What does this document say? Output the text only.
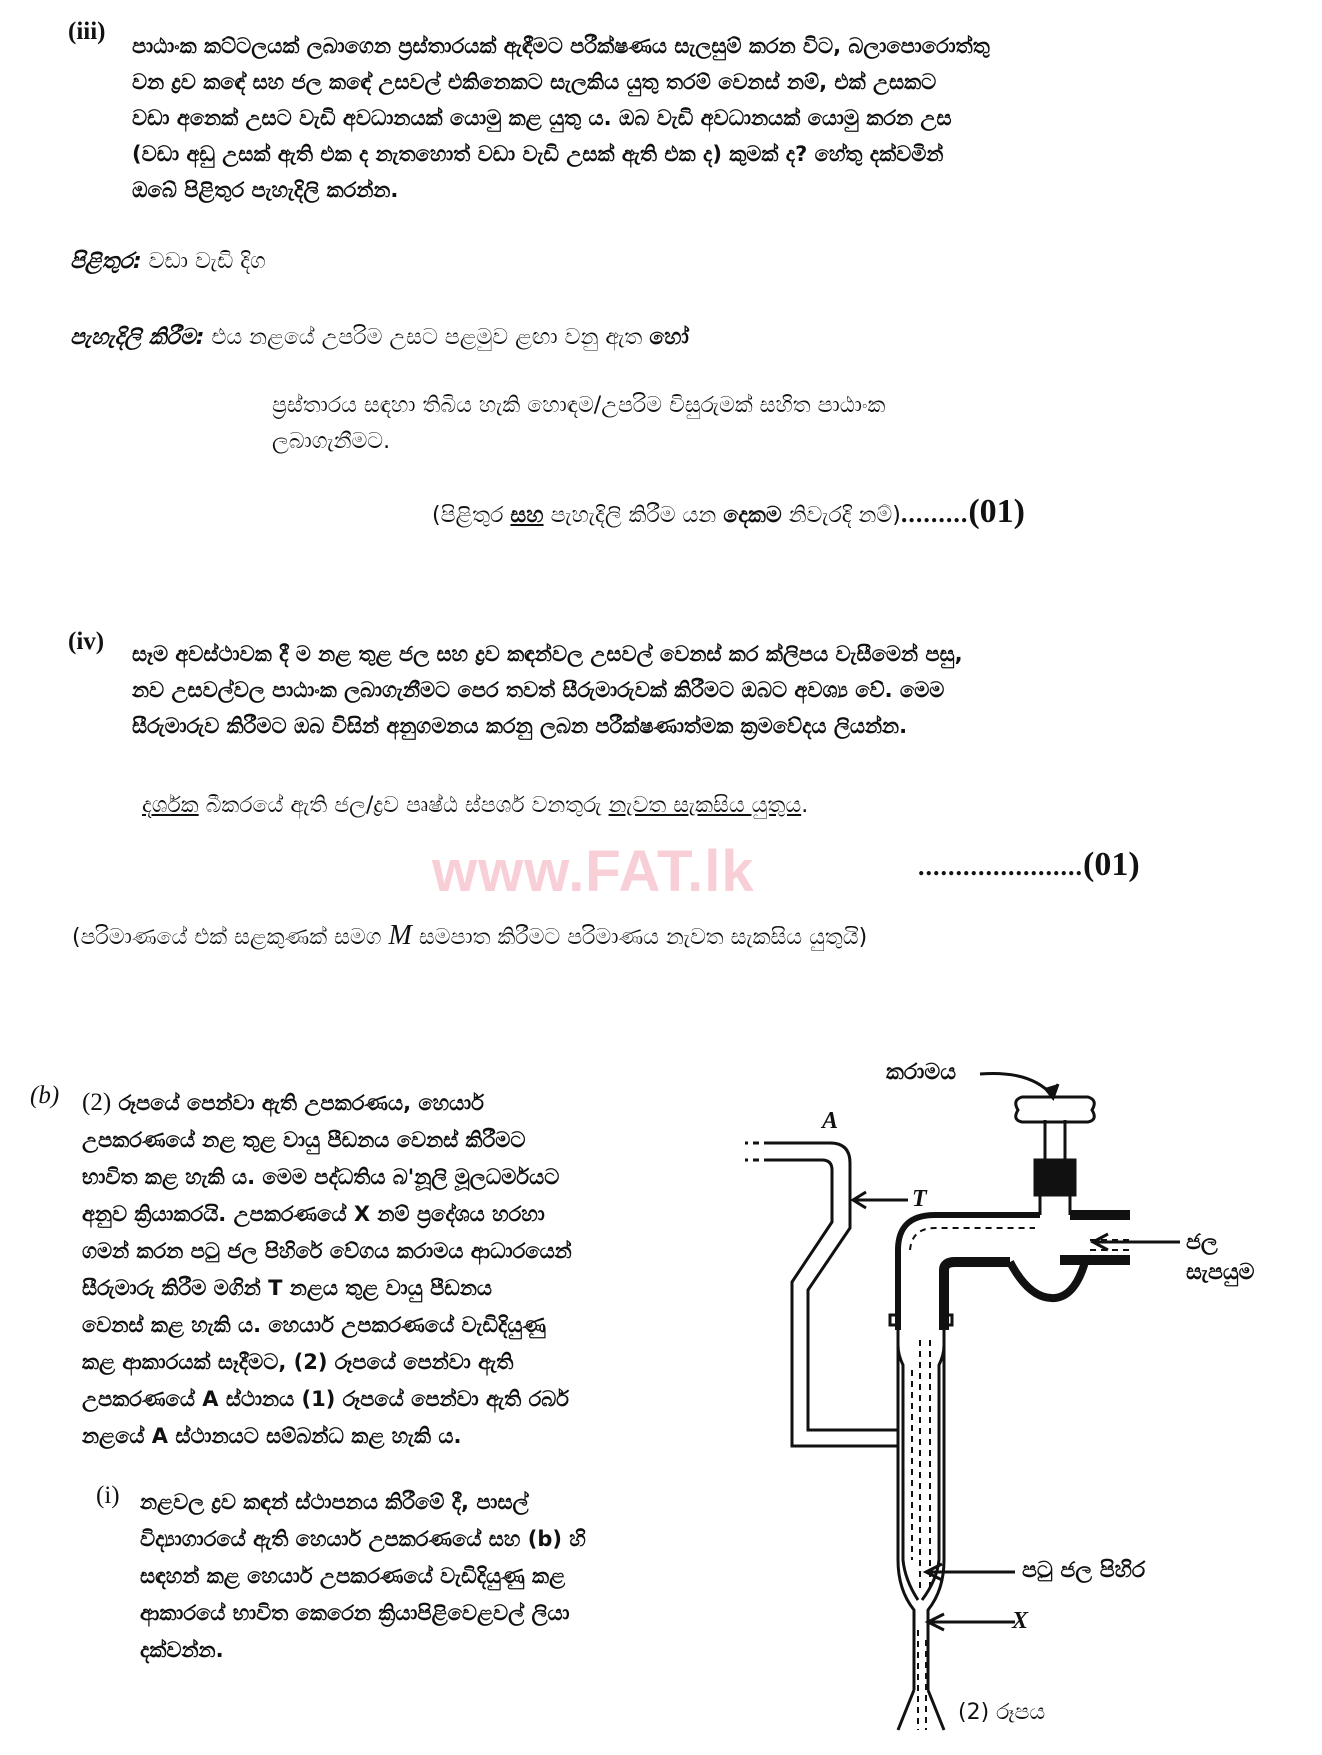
www.FAT.lk
(iii)

පාඨාංක කට්ටලයක් ලබාගෙන ප්‍රස්තාරයක් ඇඳීමට පරීක්ෂණය සැලසුම් කරන විට, බලාපොරොත්තු

වන ද්‍රව කඳේ සහ ජල කඳේ උසවල් එකිනෙකට සැලකිය යුතු තරම් වෙනස් නම්, එක් උසකට

වඩා අනෙක් උසට වැඩි අවධානයක් යොමු කළ යුතු ය. ඔබ වැඩි අවධානයක් යොමු කරන උස

(වඩා අඩු උසක් ඇති එක ද නැතහොත් වඩා වැඩි උසක් ඇති එක ද) කුමක් ද? හේතු දක්වමින්

ඔබේ පිළිතුර පැහැදිලි කරන්න.

පිළිතුර: වඩා වැඩි දිග
පැහැදිලි කිරීම: එය නළයේ උපරිම උසට පළමුව ළඟා වනු ඇත හෝ

ප්‍රස්තාරය සඳහා තිබිය හැකි හොඳම/උපරිම විසුරුමක් සහිත පාඨාංක

ලබාගැනීමට.

(පිළිතුර සහ පැහැදිලි කිරීම යන දෙකම නිවැරදි නම්).........(01)
(iv) සෑම අවස්ථාවක දී ම නළ තුළ ජල සහ ද්‍රව කඳන්වල උසවල් වෙනස් කර ක්ලිපය වැසීමෙන් පසු,

නව උසවල්වල පාඨාංක ලබාගැනීමට පෙර තවත් සීරුමාරුවක් කිරීමට ඔබට අවශ්‍ය වේ. මෙම

සීරුමාරුව කිරීමට ඔබ විසින් අනුගමනය කරනු ලබන පරීක්ෂණාත්මක ක්‍රමවේදය ලියන්න.

දර්ශක බීකරයේ ඇති ජල/ද්‍රව පෘෂ්ඨ ස්පර්ශ වනතුරු නැවත සැකසිය යුතුය.
......................(01)
(පරිමාණයේ එක් සළකුණක් සමග M සමපාත කිරීමට පරිමාණය නැවත සැකසිය යුතුයි)
(b) (2) රූපයේ පෙන්වා ඇති උපකරණය, හෙයාර්

උපකරණයේ නළ තුළ වායු පීඩනය වෙනස් කිරීමට

භාවිත කළ හැකි ය. මෙම පද්ධතිය බ'නූලි මූලධර්මයට

අනුව ක්‍රියාකරයි. උපකරණයේ X නම් ප්‍රදේශය හරහා

ගමන් කරන පටු ජල පිහිරේ වේගය කරාමය ආධාරයෙන්

සීරුමාරු කිරීම මගින් T නළය තුළ වායු පීඩනය

වෙනස් කළ හැකි ය. හෙයාර් උපකරණයේ වැඩිදියුණු

කළ ආකාරයක් සෑදීමට, (2) රූපයේ පෙන්වා ඇති

උපකරණයේ A ස්ථානය (1) රූපයේ පෙන්වා ඇති රබර්

නළයේ A ස්ථානයට සම්බන්ධ කළ හැකි ය.

(i) නළවල ද්‍රව කඳන් ස්ථාපනය කිරීමේ දී, පාසල්

විද්‍යාගාරයේ ඇති හෙයාර් උපකරණයේ සහ (b) හි

සඳහන් කළ හෙයාර් උපකරණයේ වැඩිදියුණු කළ

ආකාරයේ භාවිත කෙරෙන ක්‍රියාපිළිවෙළවල් ලියා

දක්වන්න.

A
T
කරාමය

ජල

සැපයුම

පටු ජල පිහිර
X
(2) රූපය
